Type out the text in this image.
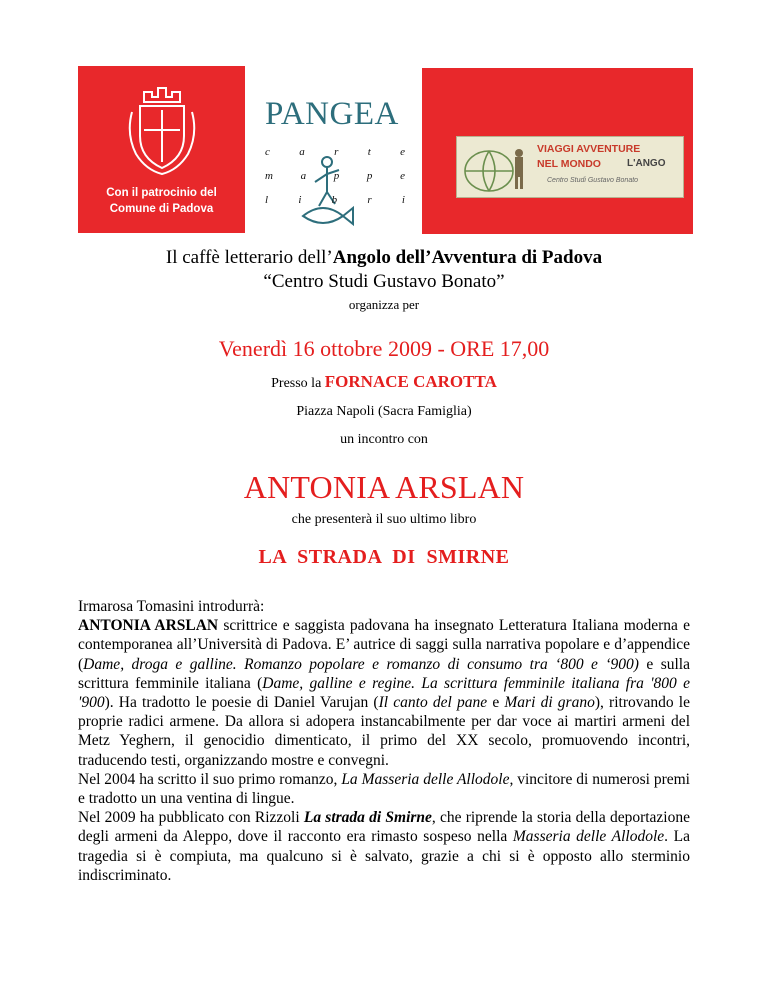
Con il patrocinio del
Comune di Padova
PANGEA
c	a	r	t	e
m	a	p	p	e
l	i	b	r	i
VIAGGI AVVENTURE
NEL MONDO	L'ANGO
Centro Studi Gustavo Bonato
Il caffè letterario dell’Angolo dell’Avventura di Padova
“Centro Studi Gustavo Bonato”
organizza per
Venerdì 16 ottobre 2009 - ORE 17,00
Presso la FORNACE CAROTTA
Piazza Napoli (Sacra Famiglia)
un incontro con
ANTONIA ARSLAN
che presenterà il suo ultimo libro
LA  STRADA  DI  SMIRNE

Irmarosa Tomasini introdurrà:
ANTONIA ARSLAN scrittrice e saggista padovana ha insegnato Letteratura Italiana moderna e contemporanea all’Università di Padova. E’ autrice di saggi sulla narrativa popolare e d’appendice (Dame, droga e galline. Romanzo popolare e romanzo di consumo tra ‘800 e ‘900) e sulla scrittura femminile italiana (Dame, galline e regine. La scrittura femminile italiana fra '800 e '900). Ha tradotto le poesie di Daniel Varujan (Il canto del pane e Mari di grano), ritrovando le proprie radici armene. Da allora si adopera instancabilmente per dar voce ai martiri armeni del Metz Yeghern, il genocidio dimenticato, il primo del XX secolo, promuovendo incontri, traducendo testi, organizzando mostre e convegni.

Nel 2004 ha scritto il suo primo romanzo, La Masseria delle Allodole, vincitore di numerosi premi e tradotto un una ventina di lingue.

Nel 2009 ha pubblicato con Rizzoli La strada di Smirne, che riprende la storia della deportazione degli armeni da Aleppo, dove il racconto era rimasto sospeso nella Masseria delle Allodole. La tragedia si è compiuta, ma qualcuno si è salvato, grazie a chi si è opposto allo sterminio indiscriminato.
